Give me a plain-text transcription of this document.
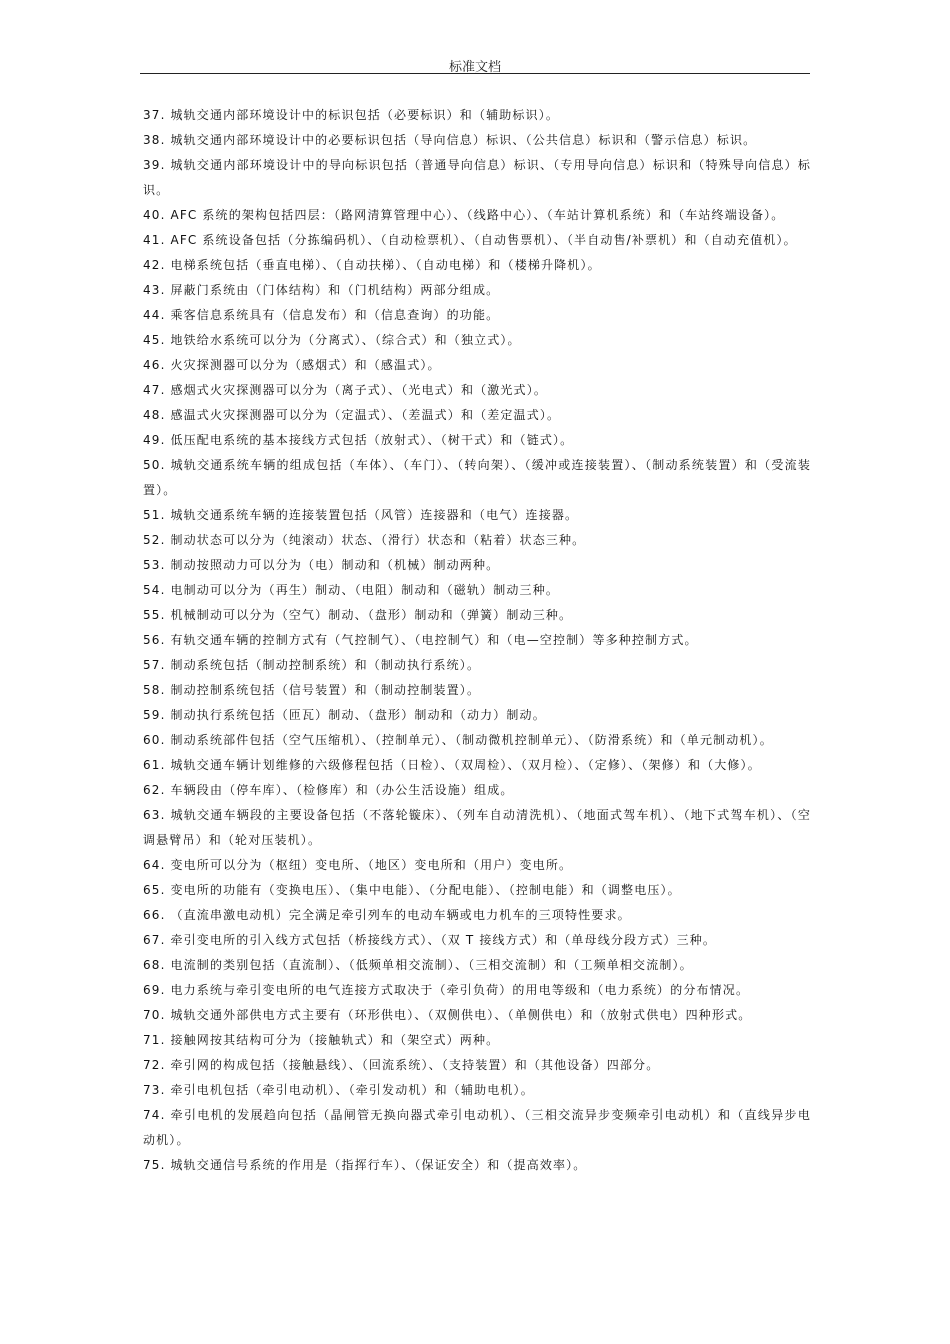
标准文档
37. 城轨交通内部环境设计中的标识包括（必要标识）和（辅助标识）。
38. 城轨交通内部环境设计中的必要标识包括（导向信息）标识、（公共信息）标识和（警示信息）标识。
39. 城轨交通内部环境设计中的导向标识包括（普通导向信息）标识、（专用导向信息）标识和（特殊导向信息）标识。
40. AFC 系统的架构包括四层：（路网清算管理中心）、（线路中心）、（车站计算机系统）和（车站终端设备）。
41. AFC 系统设备包括（分拣编码机）、（自动检票机）、（自动售票机）、（半自动售/补票机）和（自动充值机）。
42. 电梯系统包括（垂直电梯）、（自动扶梯）、（自动电梯）和（楼梯升降机）。
43. 屏蔽门系统由（门体结构）和（门机结构）两部分组成。
44. 乘客信息系统具有（信息发布）和（信息查询）的功能。
45. 地铁给水系统可以分为（分离式）、（综合式）和（独立式）。
46. 火灾探测器可以分为（感烟式）和（感温式）。
47. 感烟式火灾探测器可以分为（离子式）、（光电式）和（激光式）。
48. 感温式火灾探测器可以分为（定温式）、（差温式）和（差定温式）。
49. 低压配电系统的基本接线方式包括（放射式）、（树干式）和（链式）。
50. 城轨交通系统车辆的组成包括（车体）、（车门）、（转向架）、（缓冲或连接装置）、（制动系统装置）和（受流装置）。
51. 城轨交通系统车辆的连接装置包括（风管）连接器和（电气）连接器。
52. 制动状态可以分为（纯滚动）状态、（滑行）状态和（粘着）状态三种。
53. 制动按照动力可以分为（电）制动和（机械）制动两种。
54. 电制动可以分为（再生）制动、（电阻）制动和（磁轨）制动三种。
55. 机械制动可以分为（空气）制动、（盘形）制动和（弹簧）制动三种。
56. 有轨交通车辆的控制方式有（气控制气）、（电控制气）和（电—空控制）等多种控制方式。
57. 制动系统包括（制动控制系统）和（制动执行系统）。
58. 制动控制系统包括（信号装置）和（制动控制装置）。
59. 制动执行系统包括（匝瓦）制动、（盘形）制动和（动力）制动。
60. 制动系统部件包括（空气压缩机）、（控制单元）、（制动微机控制单元）、（防滑系统）和（单元制动机）。
61. 城轨交通车辆计划维修的六级修程包括（日检）、（双周检）、（双月检）、（定修）、（架修）和（大修）。
62. 车辆段由（停车库）、（检修库）和（办公生活设施）组成。
63. 城轨交通车辆段的主要设备包括（不落轮镟床）、（列车自动清洗机）、（地面式驾车机）、（地下式驾车机）、（空调悬臂吊）和（轮对压装机）。
64. 变电所可以分为（枢纽）变电所、（地区）变电所和（用户）变电所。
65. 变电所的功能有（变换电压）、（集中电能）、（分配电能）、（控制电能）和（调整电压）。
66. （直流串激电动机）完全满足牵引列车的电动车辆或电力机车的三项特性要求。
67. 牵引变电所的引入线方式包括（桥接线方式）、（双 T 接线方式）和（单母线分段方式）三种。
68. 电流制的类别包括（直流制）、（低频单相交流制）、（三相交流制）和（工频单相交流制）。
69. 电力系统与牵引变电所的电气连接方式取决于（牵引负荷）的用电等级和（电力系统）的分布情况。
70. 城轨交通外部供电方式主要有（环形供电）、（双侧供电）、（单侧供电）和（放射式供电）四种形式。
71. 接触网按其结构可分为（接触轨式）和（架空式）两种。
72. 牵引网的构成包括（接触悬线）、（回流系统）、（支持装置）和（其他设备）四部分。
73. 牵引电机包括（牵引电动机）、（牵引发动机）和（辅助电机）。
74. 牵引电机的发展趋向包括（晶闸管无换向器式牵引电动机）、（三相交流异步变频牵引电动机）和（直线异步电动机）。
75. 城轨交通信号系统的作用是（指挥行车）、（保证安全）和（提高效率）。
